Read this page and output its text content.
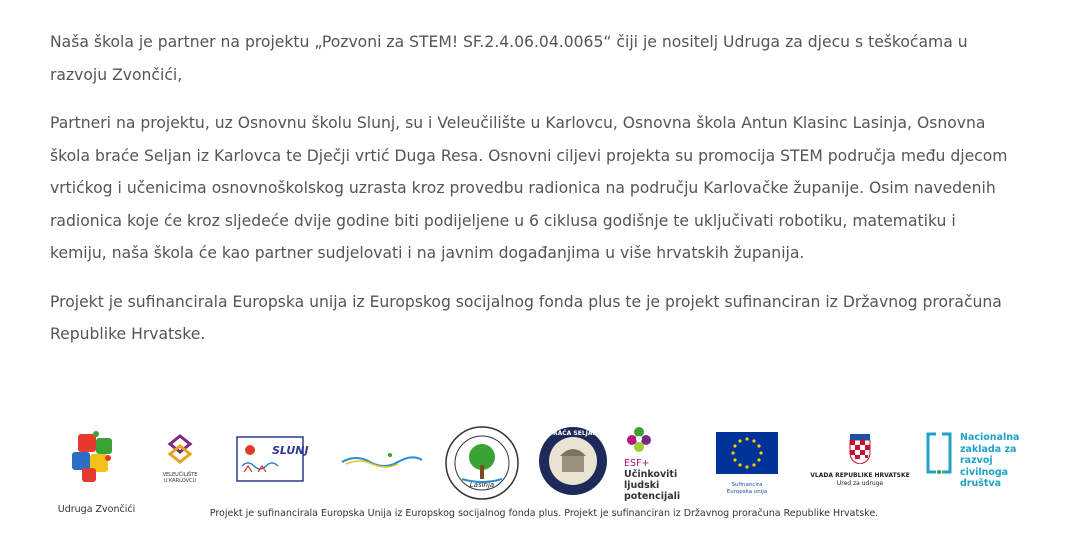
Naša škola je partner na projektu „Pozvoni za STEM! SF.2.4.06.04.0065“ čiji je nositelj Udruga za djecu s teškoćama u razvoju Zvončići,

Partneri na projektu, uz Osnovnu školu Slunj, su i Veleučilište u Karlovcu, Osnovna škola Antun Klasinc Lasinja, Osnovna škola braće Seljan iz Karlovca te Dječji vrtić Duga Resa. Osnovni ciljevi projekta su promocija STEM područja među djecom vrtićkog i učenicima osnovnoškolskog uzrasta kroz provedbu radionica na području Karlovačke županije. Osim navedenih radionica koje će kroz sljedeće dvije godine biti podijeljene u 6 ciklusa godišnje te uključivati robotiku, matematiku i kemiju, naša škola će kao partner sudjelovati i na javnim događanjima u više hrvatskih županija.

Projekt je sufinancirala Europska unija iz Europskog socijalnog fonda plus te je projekt sufinanciran iz Državnog proračuna Republike Hrvatske.

Udruga Zvončići
VELEUČILIŠTE U KARLOVCU
SLUNJ
Lasinja
BRAĆA SELJAN
ESF+
Učinkoviti
ljudski
potencijali
Sufinancira
Europska unija
VLADA REPUBLIKE HRVATSKE
Ured za udruge
Nacionalna
zaklada za
razvoj
civilnoga
društva
Projekt je sufinancirala Europska Unija iz Europskog socijalnog fonda plus. Projekt je sufinanciran iz Državnog proračuna Republike Hrvatske.
